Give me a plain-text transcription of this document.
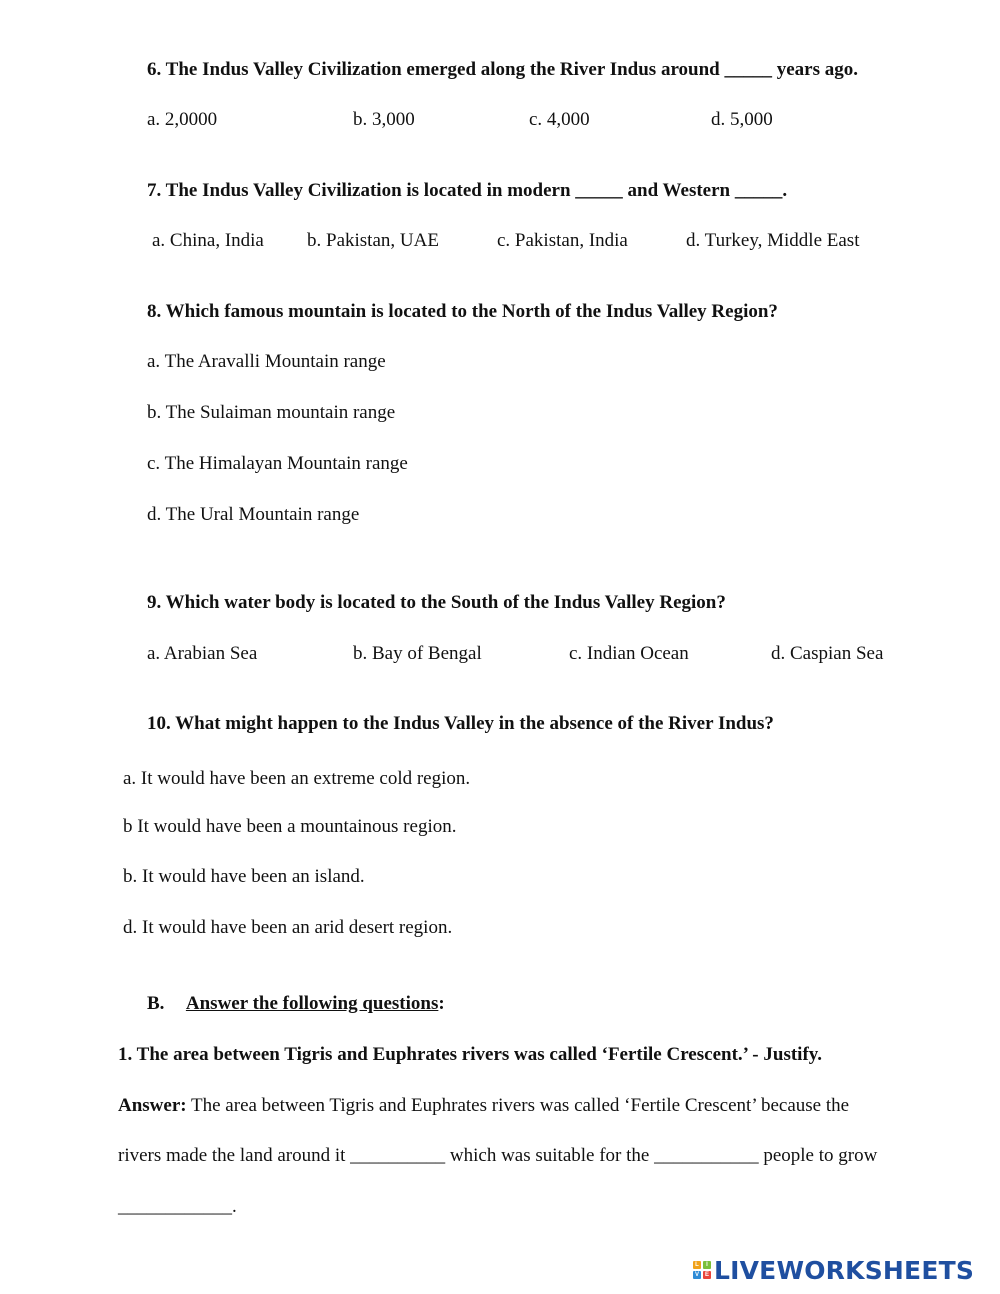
6. The Indus Valley Civilization emerged along the River Indus around _____ years ago.
a. 2,0000	b. 3,000	c. 4,000	d. 5,000
7. The Indus Valley Civilization is located in modern _____ and Western _____.
a. China, India b. Pakistan, UAE	c. Pakistan, India	d. Turkey, Middle East
8. Which famous mountain is located to the North of the Indus Valley Region?
a. The Aravalli Mountain range
b. The Sulaiman mountain range
c. The Himalayan Mountain range
d. The Ural Mountain range
9. Which water body is located to the South of the Indus Valley Region?
a. Arabian Sea	b. Bay of Bengal	c. Indian Ocean	d. Caspian Sea
10. What might happen to the Indus Valley in the absence of the River Indus?
a. It would have been an extreme cold region.
b It would have been a mountainous region.
b. It would have been an island.
d. It would have been an arid desert region.
B. Answer the following questions:
1. The area between Tigris and Euphrates rivers was called ‘Fertile Crescent.’ - Justify.
Answer: The area between Tigris and Euphrates rivers was called ‘Fertile Crescent’ because the
rivers made the land around it __________ which was suitable for the ___________ people to grow
____________.
L	I
V E LIVEWORKSHEETS
